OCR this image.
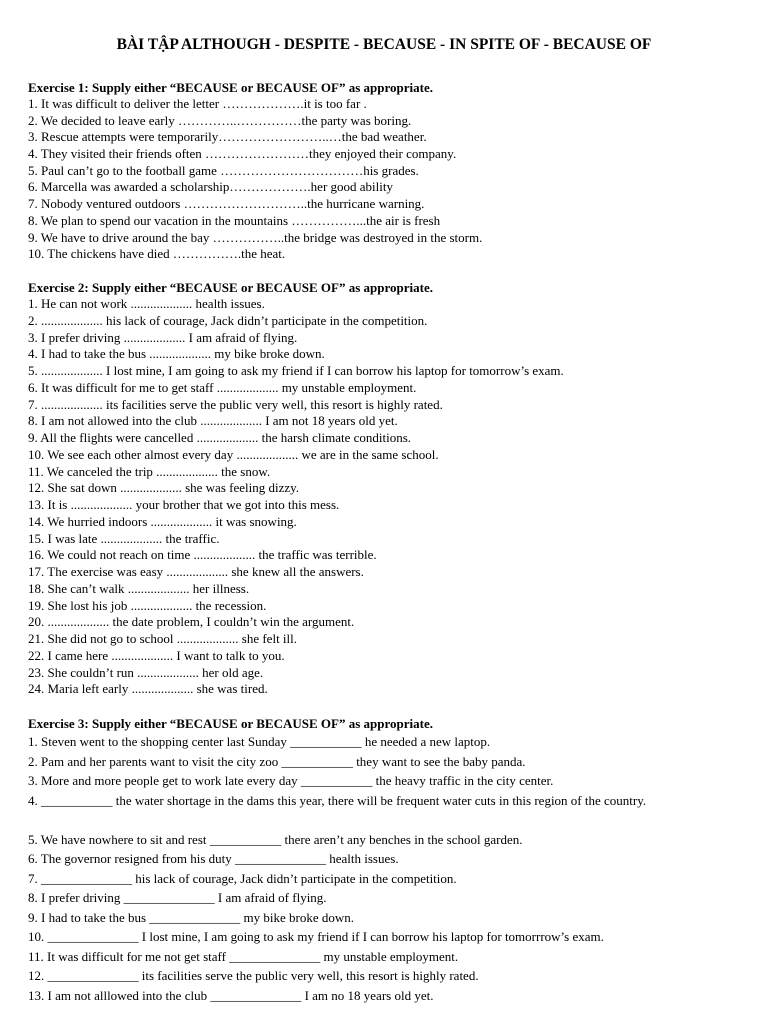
BÀI TẬP ALTHOUGH - DESPITE - BECAUSE - IN SPITE OF - BECAUSE OF
Exercise 1: Supply either “BECAUSE or BECAUSE OF” as appropriate.
1. It was difficult to deliver the letter ……………….it is too far .
2. We decided to leave early …………..……………the party was boring.
3. Rescue attempts were temporarily……………………..…the bad weather.
4. They visited their friends often ……………………they enjoyed their company.
5. Paul can’t go to the football game ……………………………his grades.
6. Marcella was awarded a scholarship……………….her good ability
7. Nobody ventured outdoors ………………………..the hurricane warning.
8. We plan to spend our vacation in the mountains ……………...the air is fresh
9. We have to drive around the bay ……………..the bridge was destroyed in the storm.
10. The chickens have died …………….the heat.
Exercise 2: Supply either “BECAUSE or BECAUSE OF” as appropriate.
1. He can not work ................... health issues.
2. ................... his lack of courage, Jack didn’t participate in the competition.
3. I prefer driving ................... I am afraid of flying.
4. I had to take the bus ................... my bike broke down.
5. ................... I lost mine, I am going to ask my friend if I can borrow his laptop for tomorrow’s exam.
6. It was difficult for me to get staff ................... my unstable employment.
7. ................... its facilities serve the public very well, this resort is highly rated.
8. I am not allowed into the club ................... I am not 18 years old yet.
9. All the flights were cancelled ................... the harsh climate conditions.
10. We see each other almost every day ................... we are in the same school.
11. We canceled the trip ................... the snow.
12. She sat down ................... she was feeling dizzy.
13. It is ................... your brother that we got into this mess.
14. We hurried indoors ................... it was snowing.
15. I was late ................... the traffic.
16. We could not reach on time ................... the traffic was terrible.
17. The exercise was easy ................... she knew all the answers.
18. She can’t walk ................... her illness.
19. She lost his job ................... the recession.
20. ................... the date problem, I couldn’t win the argument.
21. She did not go to school ................... she felt ill.
22. I came here ................... I want to talk to you.
23. She couldn’t run ................... her old age.
24. Maria left early ................... she was tired.
Exercise 3: Supply either “BECAUSE or BECAUSE OF” as appropriate.
1. Steven went to the shopping center last Sunday ___________ he needed a new laptop.
2. Pam and her parents want to visit the city zoo ___________ they want to see the baby panda.
3. More and more people get to work late every day ___________ the heavy traffic in the city center.
4. ___________ the water shortage in the dams this year, there will be frequent water cuts in this region of the country.
5. We have nowhere to sit and rest ___________ there aren’t any benches in the school garden.
6. The governor resigned from his duty ______________ health issues.
7. ______________ his lack of courage, Jack didn’t participate in the competition.
8. I prefer driving ______________ I am afraid of flying.
9. I had to take the bus ______________ my bike broke down.
10. ______________ I lost mine, I am going to ask my friend if I can borrow his laptop for tomorrrow’s exam.
11. It was difficult for me not get staff ______________ my unstable employment.
12. ______________ its facilities serve the public very well, this resort is highly rated.
13. I am not alllowed into the club ______________ I am no 18 years old yet.
